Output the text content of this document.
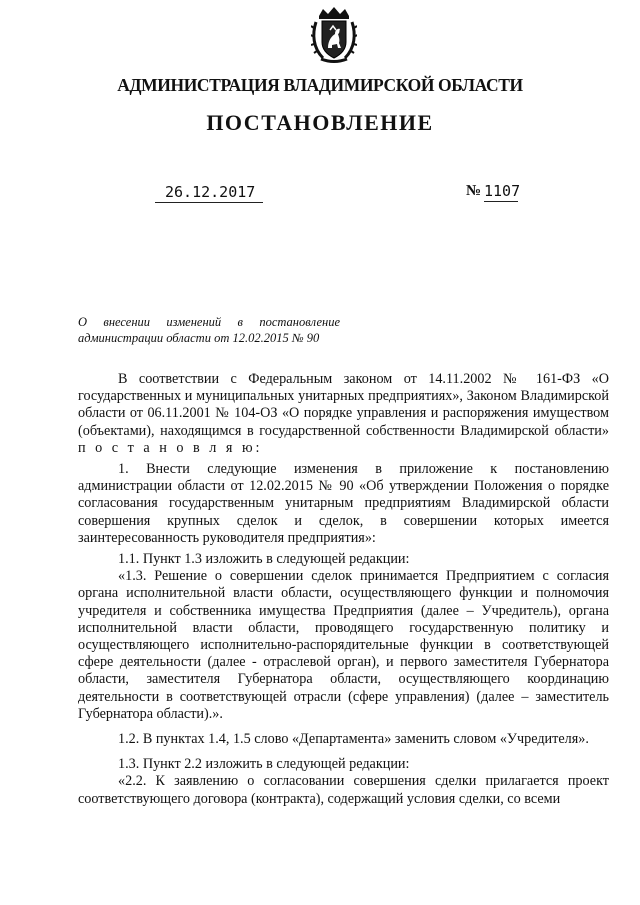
АДМИНИСТРАЦИЯ ВЛАДИМИРСКОЙ ОБЛАСТИ
ПОСТАНОВЛЕНИЕ
26.12.2017	№ 1107
О внесении изменений в постановление администрации области от 12.02.2015 № 90

В соответствии с Федеральным законом от 14.11.2002 № 161-ФЗ «О государственных и муниципальных унитарных предприятиях», Законом Владимирской области от 06.11.2001 № 104-ОЗ «О порядке управления и распоряжения имуществом (объектами), находящимся в государственной собственности Владимирской области» п о с т а н о в л я ю:

1. Внести следующие изменения в приложение к постановлению администрации области от 12.02.2015 № 90 «Об утверждении Положения о порядке согласования государственным унитарным предприятиям Владимирской области совершения крупных сделок и сделок, в совершении которых имеется заинтересованность руководителя предприятия»:

1.1. Пункт 1.3 изложить в следующей редакции:

«1.3. Решение о совершении сделок принимается Предприятием с согласия органа исполнительной власти области, осуществляющего функции и полномочия учредителя и собственника имущества Предприятия (далее – Учредитель), органа исполнительной власти области, проводящего государственную политику и осуществляющего исполнительно-распорядительные функции в соответствующей сфере деятельности (далее - отраслевой орган), и первого заместителя Губернатора области, заместителя Губернатора области, осуществляющего координацию деятельности в соответствующей отрасли (сфере управления) (далее – заместитель Губернатора области).».

1.2. В пунктах 1.4, 1.5 слово «Департамента» заменить словом «Учредителя».

1.3. Пункт 2.2 изложить в следующей редакции:

«2.2. К заявлению о согласовании совершения сделки прилагается проект соответствующего договора (контракта), содержащий условия сделки, со всеми
